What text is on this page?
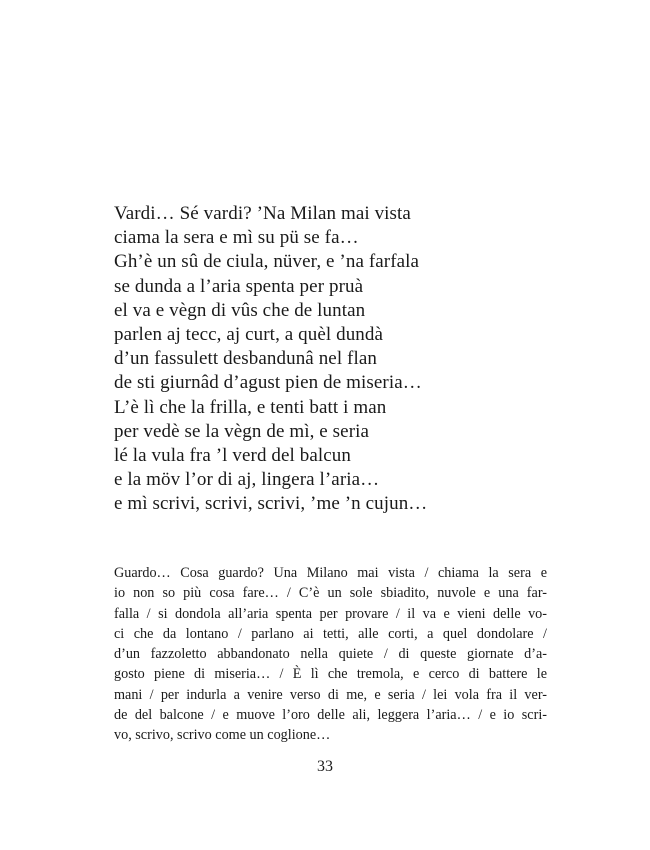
Vardi… Sé vardi? ’Na Milan mai vista
ciama la sera e mì su pü se fa…
Gh’è un sû de ciula, nüver, e ’na farfala
se dunda a l’aria spenta per pruà
el va e vègn di vûs che de luntan
parlen aj tecc, aj curt, a quèl dundà
d’un fassulett desbandunâ nel flan
de sti giurnâd d’agust pien de miseria…
L’è lì che la frilla, e tenti batt i man
per vedè se la vègn de mì, e seria
lé la vula fra ’l verd del balcun
e la möv l’or di aj, lingera l’aria…
e mì scrivi, scrivi, scrivi, ’me ’n cujun…
Guardo… Cosa guardo? Una Milano mai vista / chiama la sera e
io non so più cosa fare… / C’è un sole sbiadito, nuvole e una far-
falla / si dondola all’aria spenta per provare / il va e vieni delle vo-
ci che da lontano / parlano ai tetti, alle corti, a quel dondolare /
d’un fazzoletto abbandonato nella quiete / di queste giornate d’a-
gosto piene di miseria… / È lì che tremola, e cerco di battere le
mani / per indurla a venire verso di me, e seria / lei vola fra il ver-
de del balcone / e muove l’oro delle ali, leggera l’aria… / e io scri-
vo, scrivo, scrivo come un coglione…
33
